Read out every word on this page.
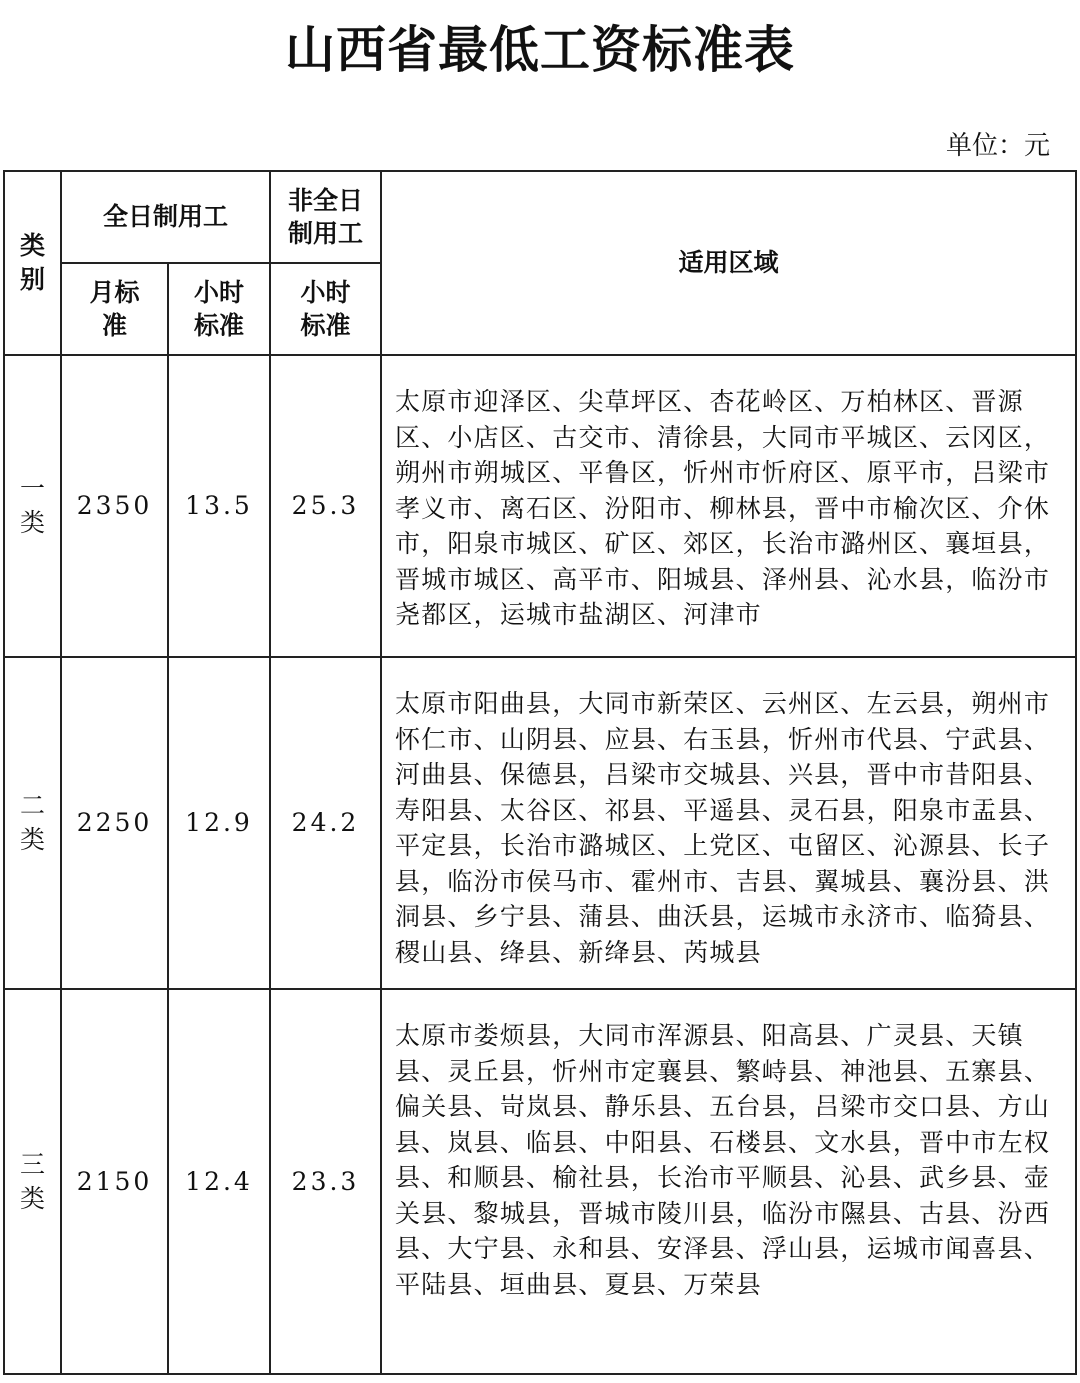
山西省最低工资标准表
单位：元
类别	全日制用工		非全日制用工	适用区域

	月标准	小时标准	小时标准	

一类	2350	13.5	25.3	太原市迎泽区、尖草坪区、杏花岭区、万柏林区、晋源区、小店区、古交市、清徐县，大同市平城区、云冈区，朔州市朔城区、平鲁区，忻州市忻府区、原平市，吕梁市孝义市、离石区、汾阳市、柳林县，晋中市榆次区、介休市，阳泉市城区、矿区、郊区，长治市潞州区、襄垣县，晋城市城区、高平市、阳城县、泽州县、沁水县，临汾市尧都区，运城市盐湖区、河津市

二类	2250	12.9	24.2	太原市阳曲县，大同市新荣区、云州区、左云县，朔州市怀仁市、山阴县、应县、右玉县，忻州市代县、宁武县、河曲县、保德县，吕梁市交城县、兴县，晋中市昔阳县、寿阳县、太谷区、祁县、平遥县、灵石县，阳泉市盂县、平定县，长治市潞城区、上党区、屯留区、沁源县、长子县，临汾市侯马市、霍州市、吉县、翼城县、襄汾县、洪洞县、乡宁县、蒲县、曲沃县，运城市永济市、临猗县、稷山县、绛县、新绛县、芮城县

三类	2150	12.4	23.3	太原市娄烦县，大同市浑源县、阳高县、广灵县、天镇县、灵丘县，忻州市定襄县、繁峙县、神池县、五寨县、偏关县、岢岚县、静乐县、五台县，吕梁市交口县、方山县、岚县、临县、中阳县、石楼县、文水县，晋中市左权县、和顺县、榆社县，长治市平顺县、沁县、武乡县、壶关县、黎城县，晋城市陵川县，临汾市隰县、古县、汾西县、大宁县、永和县、安泽县、浮山县，运城市闻喜县、平陆县、垣曲县、夏县、万荣县
